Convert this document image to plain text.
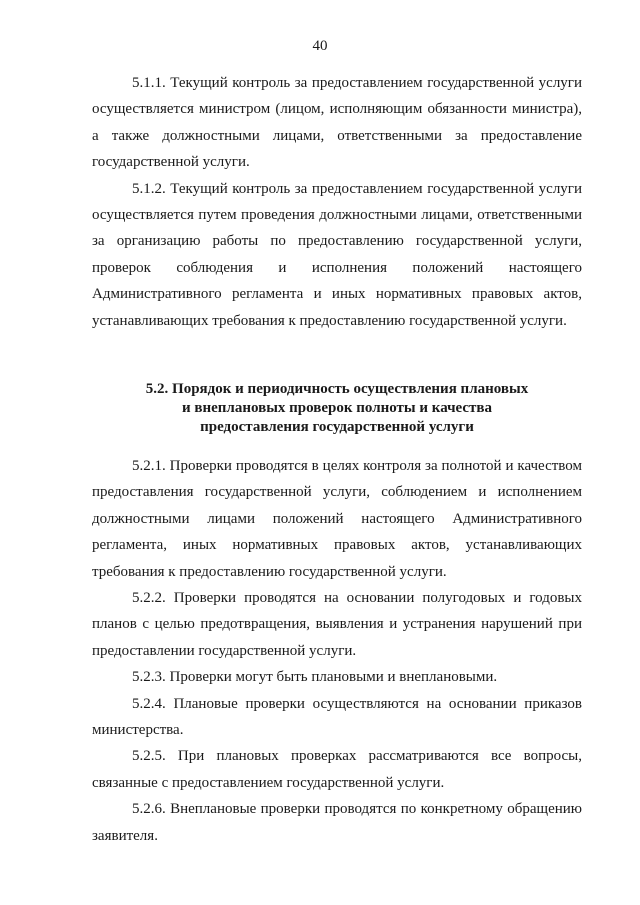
40

5.1.1. Текущий контроль за предоставлением государственной услуги осуществляется министром (лицом, исполняющим обязанности министра), а также должностными лицами, ответственными за предоставление государственной услуги.

5.1.2. Текущий контроль за предоставлением государственной услуги осуществляется путем проведения должностными лицами, ответственными за организацию работы по предоставлению государственной услуги, проверок соблюдения и исполнения положений настоящего Административного регламента и иных нормативных правовых актов, устанавливающих требования к предоставлению государственной услуги.

5.2. Порядок и периодичность осуществления плановых
и внеплановых проверок полноты и качества
предоставления государственной услуги

5.2.1. Проверки проводятся в целях контроля за полнотой и качеством предоставления государственной услуги, соблюдением и исполнением должностными лицами положений настоящего Административного регламента, иных нормативных правовых актов, устанавливающих требования к предоставлению государственной услуги.

5.2.2. Проверки проводятся на основании полугодовых и годовых планов с целью предотвращения, выявления и устранения нарушений при предоставлении государственной услуги.

5.2.3. Проверки могут быть плановыми и внеплановыми.

5.2.4. Плановые проверки осуществляются на основании приказов министерства.

5.2.5. При плановых проверках рассматриваются все вопросы, связанные с предоставлением государственной услуги.

5.2.6. Внеплановые проверки проводятся по конкретному обращению заявителя.
